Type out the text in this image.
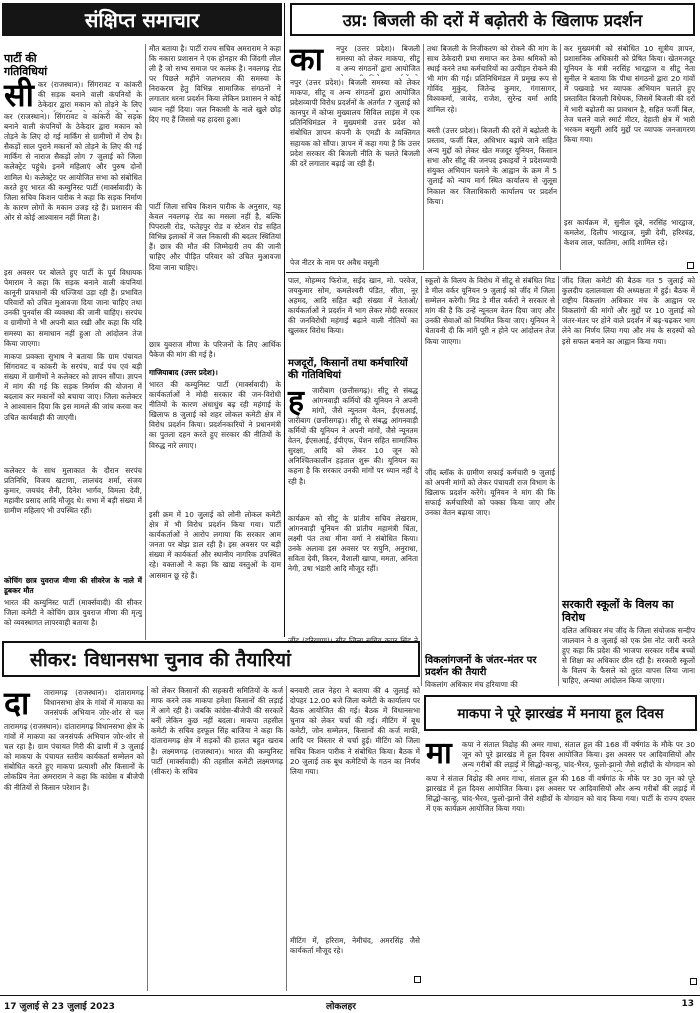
संक्षिप्त समाचार
पार्टी की गतिविधियां
सी कर (राजस्थान)। सिंगरावट व कांकरी की सड़क बनाने वाली कंपनियों के ठेकेदार द्वारा मकान को तोड़ने के लिए
कर (राजस्थान)। सिंगरावट व कांकरी की सड़क बनाने वाली कंपनियों के ठेकेदार द्वारा मकान को तोड़ने के लिए दो गई मार्किंग से ग्रामीणों में रोष है। सैकड़ों साल पुराने मकानों को तोड़ने के लिए की गई मार्किंग से नाराज सैकड़ों लोग 7 जुलाई को जिला कलेक्ट्रेट पहुंचे। इनमें महिलाएं और पुरुष दोनों शामिल थे। कलेक्ट्रेट पर आयोजित सभा को संबोधित करते हुए भारत की कम्युनिस्ट पार्टी (मार्क्सवादी) के जिला सचिव किशन पारीक ने कहा कि सड़क निर्माण के कारण लोगों के मकान उजड़ रहे हैं। प्रशासन की ओर से कोई आश्वासन नहीं मिला है।
इस अवसर पर बोलते हुए पार्टी के पूर्व विधायक पेमाराम ने कहा कि सड़क बनाने वाली कंपनियां कानूनी प्रावधानों की धज्जियां उड़ा रही हैं। प्रभावित परिवारों को उचित मुआवजा दिया जाना चाहिए तथा उनकी पुनर्वास की व्यवस्था की जानी चाहिए। सरपंच व ग्रामीणों ने भी अपनी बात रखी और कहा कि यदि समस्या का समाधान नहीं हुआ तो आंदोलन तेज किया जाएगा।
माकपा प्रवक्ता सुभाष ने बताया कि ग्राम पंचायत सिंगरावट व कांकरी के सरपंच, वार्ड पंच एवं बड़ी संख्या में ग्रामीणों ने कलेक्टर को ज्ञापन सौंपा। ज्ञापन में मांग की गई कि सड़क निर्माण की योजना में बदलाव कर मकानों को बचाया जाए। जिला कलेक्टर ने आश्वासन दिया कि इस मामले की जांच करवा कर उचित कार्यवाही की जाएगी।
कलेक्टर के साथ मुलाकात के दौरान सरपंच प्रतिनिधि, विजय खटाणा, लालचंद शर्मा, संजय कुमार, जयचंद सैनी, दिनेश भार्गव, विमला देवी, महावीर प्रसाद आदि मौजूद थे। सभा में बड़ी संख्या में ग्रामीण महिलाएं भी उपस्थित रहीं।
कोचिंग छात्र युवराज मीणा की सीवरेज के नाले में डूबकर मौत
भारत की कम्युनिस्ट पार्टी (मार्क्सवादी) की सीकर जिला कमेटी ने कोचिंग छात्र युवराज मीणा की मृत्यु को व्यवस्थागत लापरवाही बताया है।
मौत बताया है। पार्टी राज्य सचिव अमराराम ने कहा कि नकारा प्रशासन ने एक होनहार की जिंदगी लील ली है जो सभ्य समाज पर कलंक है। नवलगढ़ रोड पर पिछले महीने जलभराव की समस्या के निराकरण हेतु विभिन्न सामाजिक संगठनों ने लगातार धरना प्रदर्शन किया लेकिन प्रशासन ने कोई ध्यान नहीं दिया। जल निकासी के नाले खुले छोड़ दिए गए हैं जिससे यह हादसा हुआ।
पार्टी जिला सचिव किशन पारीक के अनुसार, यह केवल नवलगढ़ रोड का मसला नहीं है, बल्कि पिपराली रोड, फतेहपुर रोड व स्टेशन रोड सहित विभिन्न इलाकों में जल निकासी की बदतर स्थितियां हैं। छात्र की मौत की जिम्मेदारी तय की जानी चाहिए और पीड़ित परिवार को उचित मुआवजा दिया जाना चाहिए।
छात्र युवराज मीणा के परिजनों के लिए आर्थिक पैकेज की मांग की गई है।
गाजियाबाद (उत्तर प्रदेश)।
भारत की कम्युनिस्ट पार्टी (मार्क्सवादी) के कार्यकर्ताओं ने मोदी सरकार की जन-विरोधी नीतियों के कारण अंधाधुंध बढ़ रही महंगाई के खिलाफ 8 जुलाई को शहर लोकल कमेटी क्षेत्र में विरोध प्रदर्शन किया। प्रदर्शनकारियों ने प्रधानमंत्री का पुतला दहन करते हुए सरकार की नीतियों के विरुद्ध नारे लगाए।
इसी क्रम में 10 जुलाई को लोनी लोकल कमेटी क्षेत्र में भी विरोध प्रदर्शन किया गया। पार्टी कार्यकर्ताओं ने आरोप लगाया कि सरकार आम जनता पर बोझ डाल रही है। इस अवसर पर बड़ी संख्या में कार्यकर्ता और स्थानीय नागरिक उपस्थित रहे। वक्ताओं ने कहा कि खाद्य वस्तुओं के दाम आसमान छू रहे हैं।
उप्र: बिजली की दरों में बढ़ोतरी के खिलाफ प्रदर्शन
का नपुर (उत्तर प्रदेश)। बिजली समस्या को लेकर माकपा, सीटू व अन्य संगठनों द्वारा आयोजित
नपुर (उत्तर प्रदेश)। बिजली समस्या को लेकर माकपा, सीटू व अन्य संगठनों द्वारा आयोजित प्रदेशव्यापी विरोध प्रदर्शनों के अंतर्गत 7 जुलाई को कानपुर में कोप्स मुख्यालय सिविल लाइंस में एक प्रतिनिधिमंडल ने मुख्यमंत्री उत्तर प्रदेश को संबोधित ज्ञापन कंपनी के एमडी के व्यक्तिगत सहायक को सौंपा। ज्ञापन में कहा गया है कि उत्तर प्रदेश सरकार की बिजली नीति के चलते बिजली की दरें लगातार बढ़ाई जा रही हैं।
पेज नीटर के नाम पर अवैध वसूली
तथा बिजली के निजीकरण को रोकने की मांग के साथ ठेकेदारी प्रथा समाप्त कर ठेका श्रमिकों को स्थाई करने तथा कर्मचारियों का उत्पीड़न रोकने की भी मांग की गई। प्रतिनिधिमंडल में प्रमुख रूप से गोविंद मुकुंद, जितेन्द्र कुमार, गंगासागर, विश्वकर्मा, जावेद, राजेश, सुरेन्द्र वर्मा आदि शामिल रहे।
बस्ती (उत्तर प्रदेश)। बिजली की दरों में बढ़ोतरी के प्रस्ताव, फर्जी बिल, अधिभार बढ़ाये जाने सहित अन्य मुद्दों को लेकर खेत मजदूर यूनियन, किसान सभा और सीटू की जनपद इकाइयों ने प्रदेशव्यापी संयुक्त अभियान चलाने के आह्वान के क्रम में 5 जुलाई को न्याय मार्ग स्थित कार्यालय से जुलूस निकाल कर जिलाधिकारी कार्यालय पर प्रदर्शन किया।
कर मुख्यमंत्री को संबोधित 10 सूत्रीय ज्ञापन, प्रशासनिक अधिकारी को प्रेषित किया। खेतमजदूर यूनियन के मंत्री नरसिंह भारद्वाज व सीटू नेता सुनील ने बताया कि पीथा संगठनों द्वारा 20 गांवों में पखवाड़े भर व्यापक अभियान चलाते हुए प्रस्तावित बिजली विधेयक, जिसमें बिजली की दरों में भारी बढ़ोतरी का प्रावधान है, सहित फर्जी बिल, तेज चलने वाले स्मार्ट मीटर, देहाती क्षेत्र में भारी भरकम बसूली आदि मुद्दों पर व्यापक जनजागरण किया गया।
इस कार्यक्रम में, सुनील दूबे, नरसिंह भारद्वाज, कमलेश, दिलीप भारद्वाज, मुन्नी देवी, हरिश्चंद्र, केशव लाल, फातिमा, आदि शामिल रहे।
पाल, मोहम्मद फिरोज, सईद खान, मो. परवेज, जयकुमार सोम, कमलेश्वरी पंडित, सीता, नूर अहमद, आदि सहित बड़ी संख्या में नेताओं/कार्यकर्ताओं ने प्रदर्शन में भाग लेकर मोदी सरकार की जनविरोधी महंगाई बढ़ाने वाली नीतियों का खुलकर विरोध किया।
मजदूरों, किसानों तथा कर्मचारियों की गतिविधियां
ह जारीबाग (छत्तीसगढ़)। सीटू से संबद्ध आंगनवाड़ी कर्मियों की यूनियन ने अपनी मांगों, जैसे न्यूनतम वेतन, ईएसआई,
जारीबाग (छत्तीसगढ़)। सीटू से संबद्ध आंगनवाड़ी कर्मियों की यूनियन ने अपनी मांगों, जैसे न्यूनतम वेतन, ईएसआई, ईपीएफ, पेंशन सहित सामाजिक सुरक्षा, आदि को लेकर 10 जून को अनिश्चितकालीन हड़ताल शुरू की। यूनियन का कहना है कि सरकार उनकी मांगों पर ध्यान नहीं दे रही है।
कार्यक्रम को सीटू के प्रांतीय सचिव लेखराम, आंगनवाड़ी यूनियन की प्रांतीय महामंत्री चिंता, लक्ष्मी पंत तथा मीना वर्मा ने संबोधित किया। उनके अलावा इस अवसर पर सपुनि, अनुराधा, सविता देवी, किरन, वैशाली खापा, ममता, अनिता नेगी, उषा भंडारी आदि मौजूद रहीं।
स्कूलों के विलय के विरोध में सीटू से संबंधित मिड डे मील वर्कर यूनियन 9 जुलाई को जींद में जिला सम्मेलन करेगी। मिड डे मील वर्करों ने सरकार से मांग की है कि उन्हें न्यूनतम वेतन दिया जाए और उनकी सेवाओं को नियमित किया जाए। यूनियन ने चेतावनी दी कि मांगें पूरी न होने पर आंदोलन तेज किया जाएगा।
जींद ब्लॉक के ग्रामीण सफाई कर्मचारी 9 जुलाई को अपनी मांगों को लेकर पंचायती राज विभाग के खिलाफ प्रदर्शन करेंगे। यूनियन ने मांग की कि सफाई कर्मचारियों को पक्का किया जाए और उनका वेतन बढ़ाया जाए।
जींद जिला कमेटी की बैठक गत 5 जुलाई को कुलदीप दलालवाला की अध्यक्षता में हुई। बैठक में राष्ट्रीय विकलांग अधिकार मंच के आह्वान पर विकलांगों की मांगों और मुद्दों पर 10 जुलाई को जंतर-मंतर पर होने वाले प्रदर्शन में बढ़-चढ़कर भाग लेने का निर्णय लिया गया और मंच के सदस्यों को इसे सफल बनाने का आह्वान किया गया।
सरकारी स्कूलों के विलय का विरोध
दलित अधिकार मंच जींद के जिला संयोजक सन्दीप जालवान ने 8 जुलाई को एक प्रेस नोट जारी करते हुए कहा कि प्रदेश की भाजपा सरकार गरीब बच्चों से शिक्षा का अधिकार छीन रही है। सरकारी स्कूलों के विलय के फैसले को तुरंत वापस लिया जाना चाहिए, अन्यथा आंदोलन किया जाएगा।
सीकर: विधानसभा चुनाव की तैयारियां
दा तारामगढ़ (राजस्थान)। दांतारामगढ़ विधानसभा क्षेत्र के गांवों में माकपा का जनसंपर्क अभियान जोर-शोर से चल
तारामगढ़ (राजस्थान)। दांतारामगढ़ विधानसभा क्षेत्र के गांवों में माकपा का जनसंपर्क अभियान जोर-शोर से चल रहा है। ग्राम पंचायत गिरी की ढाणी में 3 जुलाई को माकपा के पंचायत स्तरीय कार्यकर्ता सम्मेलन को संबोधित करते हुए माकपा प्रत्याशी और किसानों के लोकप्रिय नेता अमराराम ने कहा कि कांग्रेस व बीजेपी की नीतियों से किसान परेशान हैं।
को लेकर किसानों की सहकारी समितियों के कर्ज माफ करने तक माकपा हमेशा किसानों की लड़ाई में आगे रही है। जबकि कांग्रेस-बीजेपी की सरकारें बनीं लेकिन कुछ नहीं बदला। माकपा तहसील कमेटी के सचिव हरफूल सिंह बाजिया ने कहा कि दांतारामगढ़ क्षेत्र में सड़कों की हालत बहुत खराब है। लक्ष्मणगढ़ (राजस्थान)। भारत की कम्युनिस्ट पार्टी (मार्क्सवादी) की तहसील कमेटी लक्ष्मणगढ़ (सीकर) के सचिव
बनवारी लाल नेहरा ने बताया की 4 जुलाई को दोपहर 12.00 बजे जिला कमेटी के कार्यालय पर बैठक आयोजित की गई। बैठक में विधानसभा चुनाव को लेकर चर्चा की गई। मीटिंग में बूथ कमेटी, जोन सम्मेलन, किसानों की कर्ज माफी, आदि पर विस्तार से चर्चा हुई। मीटिंग को जिला सचिव किशन पारीक ने संबोधित किया। बैठक में 20 जुलाई तक बूथ कमेटियों के गठन का निर्णय लिया गया।
मीटिंग में, हरिराम, नेमीचंद, अमरसिंह जैसे कार्यकर्ता मौजूद रहे।
विकलांगजनों के जंतर-मंतर पर प्रदर्शन की तैयारी
विकलांग अधिकार मंच हरियाणा की
माकपा ने पूरे झारखंड में मनाया हूल दिवस
मा कपा ने संताल विद्रोह की अमर गाथा, संताल हूल की 168 वीं वर्षगांठ के मौके पर 30 जून को पूरे झारखंड में हूल दिवस आयोजित किया। इस अवसर पर आदिवासियों और अन्य गरीबों की लड़ाई में सिद्धो-कान्हू, चांद-भैरव, फूलो-झानो जैसे शहीदों के योगदान को
कपा ने संताल विद्रोह की अमर गाथा, संताल हूल की 168 वीं वर्षगांठ के मौके पर 30 जून को पूरे झारखंड में हूल दिवस आयोजित किया। इस अवसर पर आदिवासियों और अन्य गरीबों की लड़ाई में सिद्धो-कान्हू, चांद-भैरव, फूलो-झानो जैसे शहीदों के योगदान को याद किया गया। पार्टी के राज्य दफ्तर में एक कार्यक्रम आयोजित किया गया।
17 जुलाई से 23 जुलाई 2023	लोकलहर	13
